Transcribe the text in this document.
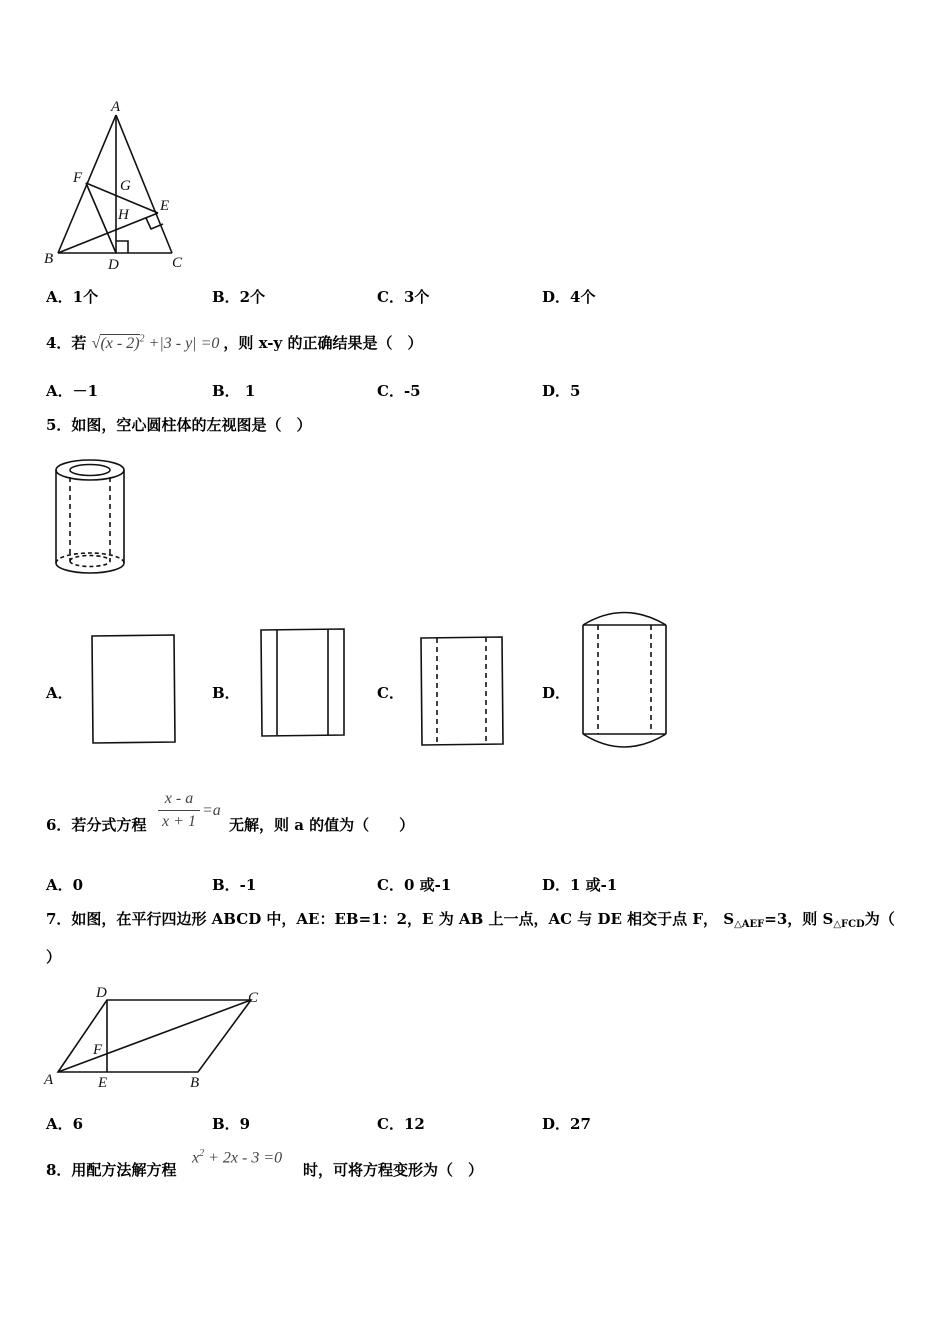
A
B	C
D
E
F	G
H
A．1个	B．2个	C．3个	D．4个
4．若 √(x - 2)$^2$ +|3 - y| =0 ，则 x-y 的正确结果是（　）
A．－1	B． 1	C．-5	D．5
5．如图，空心圆柱体的左视图是（　）
A．	B．	C．	D．
6．若分式方程 $\frac{x - a}{x + 1} =a$
无解，则 a 的值为（　　）
A．0	B．-1	C．0 或-1	D．1 或-1
7．如图，在平行四边形 ABCD 中，AE：EB=1：2，E 为 AB 上一点，AC 与 DE 相交于点 F， $S_{\triangle AEF}=3$，则 $S_{\triangle FCD}$为（
）
D	C
A	E	B
F
A．6	B．9	C．12	D．27
8．用配方法解方程
$x^2 + 2x - 3 =0$
时，可将方程变形为（　）
